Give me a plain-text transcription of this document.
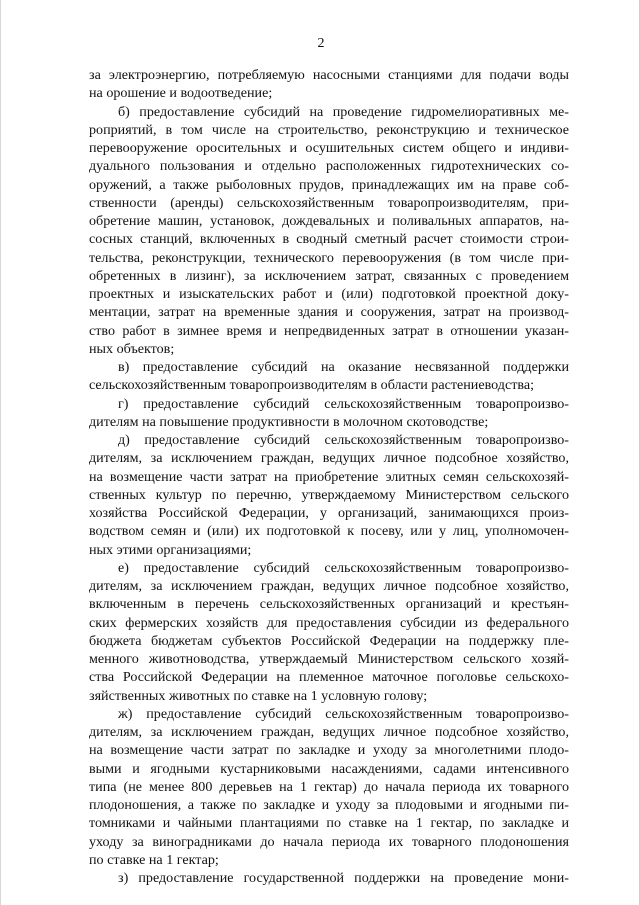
2
за электроэнергию, потребляемую насосными станциями для подачи воды
на орошение и водоотведение;
б) предоставление субсидий на проведение гидромелиоративных ме-
роприятий, в том числе на строительство, реконструкцию и техническое
перевооружение оросительных и осушительных систем общего и индиви-
дуального пользования и отдельно расположенных гидротехнических со-
оружений, а также рыболовных прудов, принадлежащих им на праве соб-
ственности (аренды) сельскохозяйственным товаропроизводителям, при-
обретение машин, установок, дождевальных и поливальных аппаратов, на-
сосных станций, включенных в сводный сметный расчет стоимости строи-
тельства, реконструкции, технического перевооружения (в том числе при-
обретенных в лизинг), за исключением затрат, связанных с проведением
проектных и изыскательских работ и (или) подготовкой проектной доку-
ментации, затрат на временные здания и сооружения, затрат на производ-
ство работ в зимнее время и непредвиденных затрат в отношении указан-
ных объектов;
в) предоставление субсидий на оказание несвязанной поддержки
сельскохозяйственным товаропроизводителям в области растениеводства;
г) предоставление субсидий сельскохозяйственным товаропроизво-
дителям на повышение продуктивности в молочном скотоводстве;
д) предоставление субсидий сельскохозяйственным товаропроизво-
дителям, за исключением граждан, ведущих личное подсобное хозяйство,
на возмещение части затрат на приобретение элитных семян сельскохозяй-
ственных культур по перечню, утверждаемому Министерством сельского
хозяйства Российской Федерации, у организаций, занимающихся произ-
водством семян и (или) их подготовкой к посеву, или у лиц, уполномочен-
ных этими организациями;
е) предоставление субсидий сельскохозяйственным товаропроизво-
дителям, за исключением граждан, ведущих личное подсобное хозяйство,
включенным в перечень сельскохозяйственных организаций и крестьян-
ских фермерских хозяйств для предоставления субсидии из федерального
бюджета бюджетам субъектов Российской Федерации на поддержку пле-
менного животноводства, утверждаемый Министерством сельского хозяй-
ства Российской Федерации на племенное маточное поголовье сельскохо-
зяйственных животных по ставке на 1 условную голову;
ж) предоставление субсидий сельскохозяйственным товаропроизво-
дителям, за исключением граждан, ведущих личное подсобное хозяйство,
на возмещение части затрат по закладке и уходу за многолетними плодо-
выми и ягодными кустарниковыми насаждениями, садами интенсивного
типа (не менее 800 деревьев на 1 гектар) до начала периода их товарного
плодоношения, а также по закладке и уходу за плодовыми и ягодными пи-
томниками и чайными плантациями по ставке на 1 гектар, по закладке и
уходу за виноградниками до начала периода их товарного плодоношения
по ставке на 1 гектар;
з) предоставление государственной поддержки на проведение мони-
